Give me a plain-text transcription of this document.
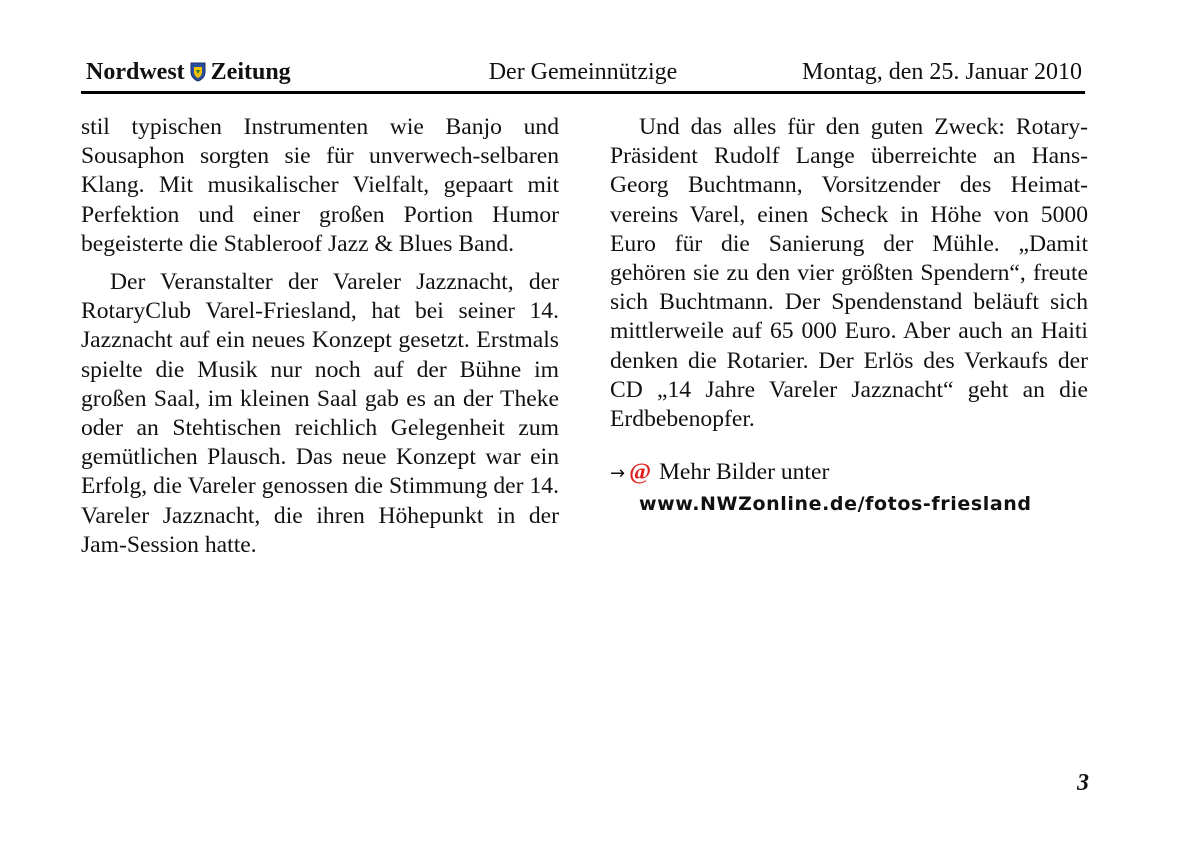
Nordwest Zeitung	Der Gemeinnützige	Montag, den 25. Januar 2010

stil typischen Instrumenten wie Banjo und Sousaphon sorgten sie für unverwech-selbaren Klang. Mit musikalischer Vielfalt, gepaart mit Perfektion und einer großen Portion Humor begeisterte die Stableroof Jazz & Blues Band.

Der Veranstalter der Vareler Jazznacht, der RotaryClub Varel-Friesland, hat bei seiner 14. Jazznacht auf ein neues Konzept gesetzt. Erstmals spielte die Musik nur noch auf der Bühne im großen Saal, im kleinen Saal gab es an der Theke oder an Stehtischen reichlich Gelegenheit zum gemütlichen Plausch. Das neue Konzept war ein Erfolg, die Vareler genossen die Stimmung der 14. Vareler Jazznacht, die ihren Höhepunkt in der Jam-Session hatte.

Und das alles für den guten Zweck: Rotary-Präsident Rudolf Lange überreichte an Hans-Georg Buchtmann, Vorsitzender des Heimatvereins Varel, einen Scheck in Höhe von 5000 Euro für die Sanierung der Mühle. „Damit gehören sie zu den vier größten Spendern“, freute sich Buchtmann. Der Spendenstand beläuft sich mittlerweile auf 65 000 Euro. Aber auch an Haiti denken die Rotarier. Der Erlös des Verkaufs der CD „14 Jahre Vareler Jazznacht“ geht an die Erdbebenopfer.

→ @ Mehr Bilder unter
www.NWZonline.de/fotos-friesland
3
